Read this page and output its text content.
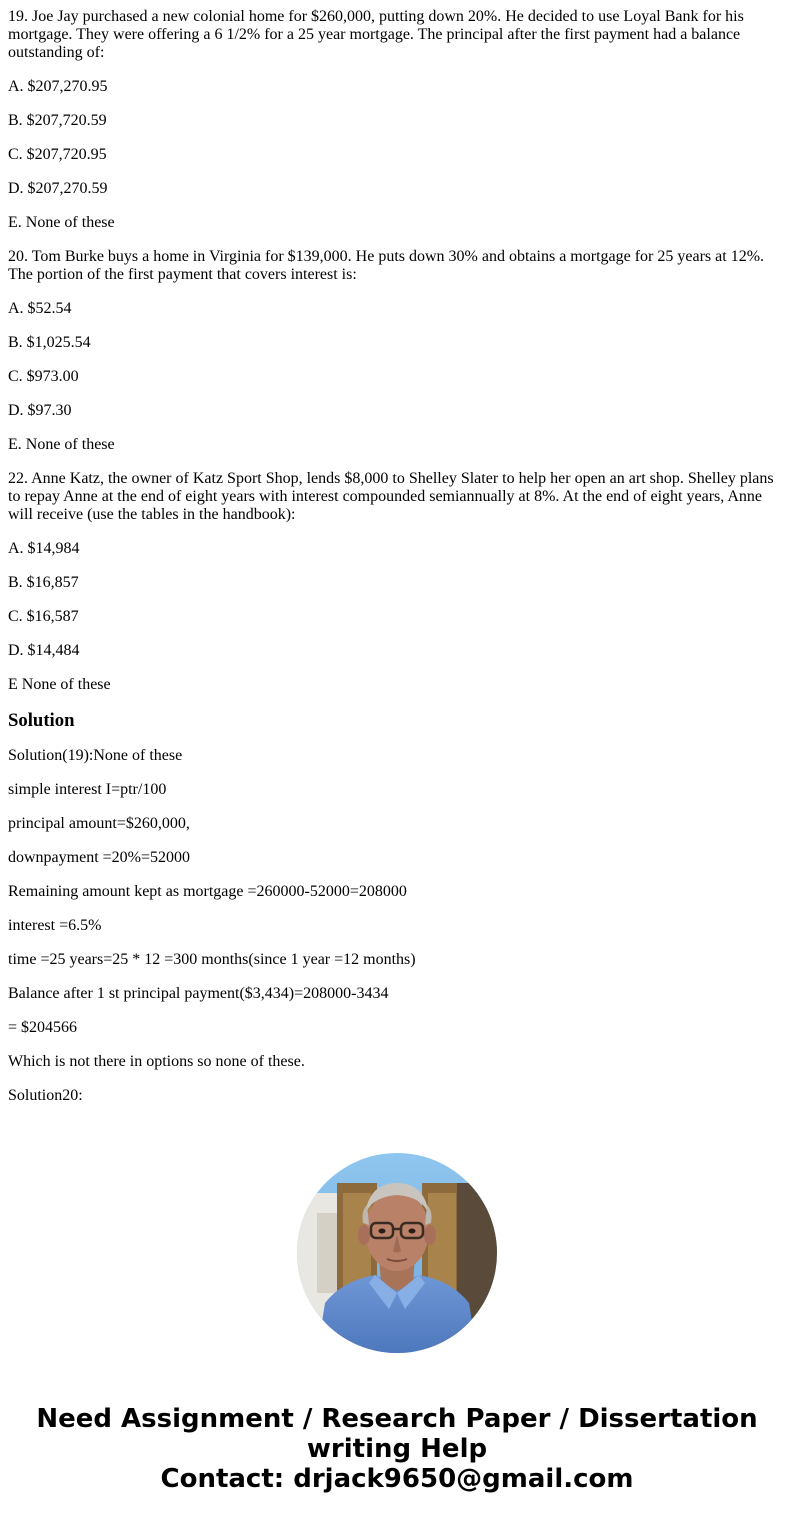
19. Joe Jay purchased a new colonial home for $260,000, putting down 20%. He decided to use Loyal Bank for his mortgage. They were offering a 6 1/2% for a 25 year mortgage. The principal after the first payment had a balance outstanding of:

A. $207,270.95

B. $207,720.59

C. $207,720.95

D. $207,270.59

E. None of these

20. Tom Burke buys a home in Virginia for $139,000. He puts down 30% and obtains a mortgage for 25 years at 12%. The portion of the first payment that covers interest is:

A. $52.54

B. $1,025.54

C. $973.00

D. $97.30

E. None of these

22. Anne Katz, the owner of Katz Sport Shop, lends $8,000 to Shelley Slater to help her open an art shop. Shelley plans to repay Anne at the end of eight years with interest compounded semiannually at 8%. At the end of eight years, Anne will receive (use the tables in the handbook):

A. $14,984

B. $16,857

C. $16,587

D. $14,484

E None of these

Solution

Solution(19):None of these

simple interest I=ptr/100

principal amount=$260,000,

downpayment =20%=52000

Remaining amount kept as mortgage =260000-52000=208000

interest =6.5%

time =25 years=25 * 12 =300 months(since 1 year =12 months)

Balance after 1 st principal payment($3,434)=208000-3434

= $204566

Which is not there in options so none of these.

Solution20:

Need Assignment / Research Paper / Dissertation
writing Help
Contact: drjack9650@gmail.com
